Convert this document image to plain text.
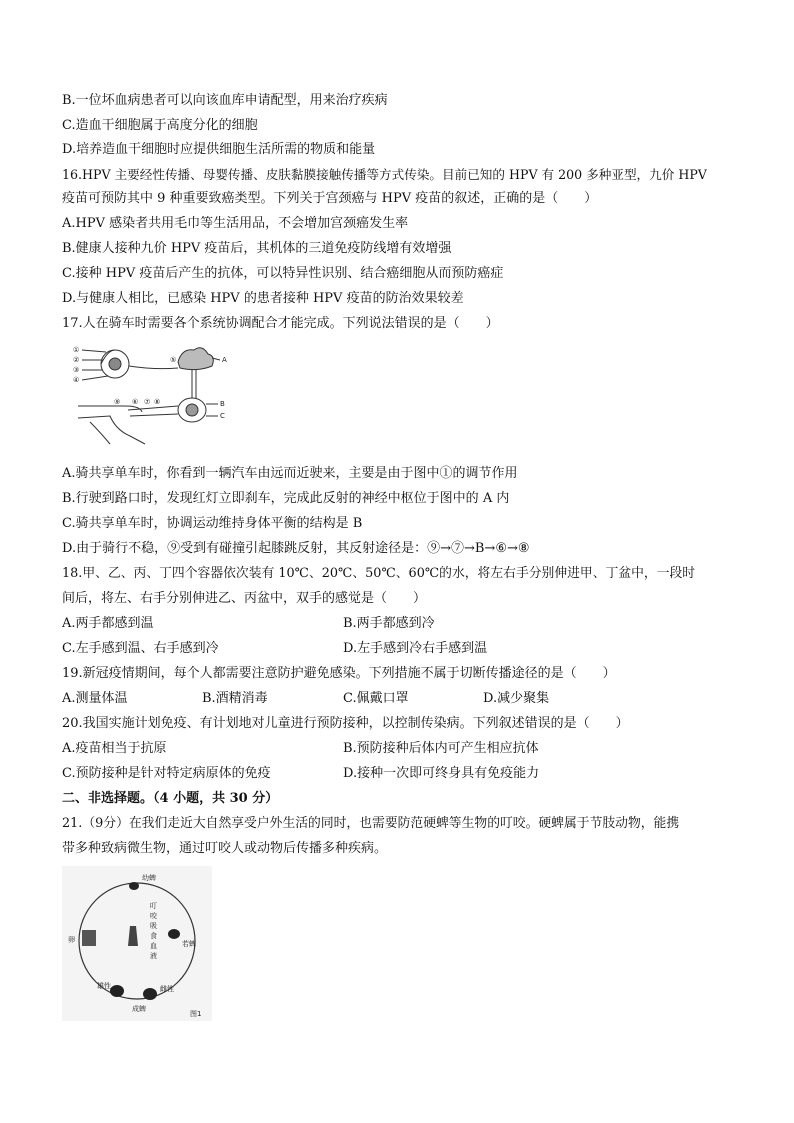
B.一位坏血病患者可以向该血库申请配型，用来治疗疾病
C.造血干细胞属于高度分化的细胞
D.培养造血干细胞时应提供细胞生活所需的物质和能量
16.HPV 主要经性传播、母婴传播、皮肤黏膜接触传播等方式传染。目前已知的 HPV 有 200 多种亚型，九价 HPV
疫苗可预防其中 9 种重要致癌类型。下列关于宫颈癌与 HPV 疫苗的叙述，正确的是（　　）
A.HPV 感染者共用毛巾等生活用品，不会增加宫颈癌发生率
B.健康人接种九价 HPV 疫苗后，其机体的三道免疫防线增有效增强
C.接种 HPV 疫苗后产生的抗体，可以特异性识别、结合癌细胞从而预防癌症
D.与健康人相比，已感染 HPV 的患者接种 HPV 疫苗的防治效果较差
17.人在骑车时需要各个系统协调配合才能完成。下列说法错误的是（　　）
①
②
③
④
⑤
⑥ ⑦ ⑧
⑨
A
B
C
A.骑共享单车时，你看到一辆汽车由远而近驶来，主要是由于图中①的调节作用
B.行驶到路口时，发现红灯立即刹车，完成此反射的神经中枢位于图中的 A 内
C.骑共享单车时，协调运动维持身体平衡的结构是 B
D.由于骑行不稳，⑨受到有碰撞引起膝跳反射，其反射途径是：⑨→⑦→B→⑥→⑧
18.甲、乙、丙、丁四个容器依次装有 10℃、20℃、50℃、60℃的水，将左右手分别伸进甲、丁盆中，一段时
间后，将左、右手分别伸进乙、丙盆中，双手的感觉是（　　）
A.两手都感到温	B.两手都感到冷
C.左手感到温、右手感到冷	D.左手感到冷右手感到温
19.新冠疫情期间，每个人都需要注意防护避免感染。下列措施不属于切断传播途径的是（　　）
A.测量体温	B.酒精消毒	C.佩戴口罩	D.减少聚集
20.我国实施计划免疫、有计划地对儿童进行预防接种，以控制传染病。下列叙述错误的是（　　）
A.疫苗相当于抗原	B.预防接种后体内可产生相应抗体
C.预防接种是针对特定病原体的免疫	D.接种一次即可终身具有免疫能力
二、非选择题。（4 小题，共 30 分）
21.（9分）在我们走近大自然享受户外生活的同时，也需要防范硬蜱等生物的叮咬。硬蜱属于节肢动物，能携
带多种致病微生物，通过叮咬人或动物后传播多种疾病。
幼蜱
若蜱
雄性	雌性
成蜱
卵
叮
咬
吸
食
血
液
图1
